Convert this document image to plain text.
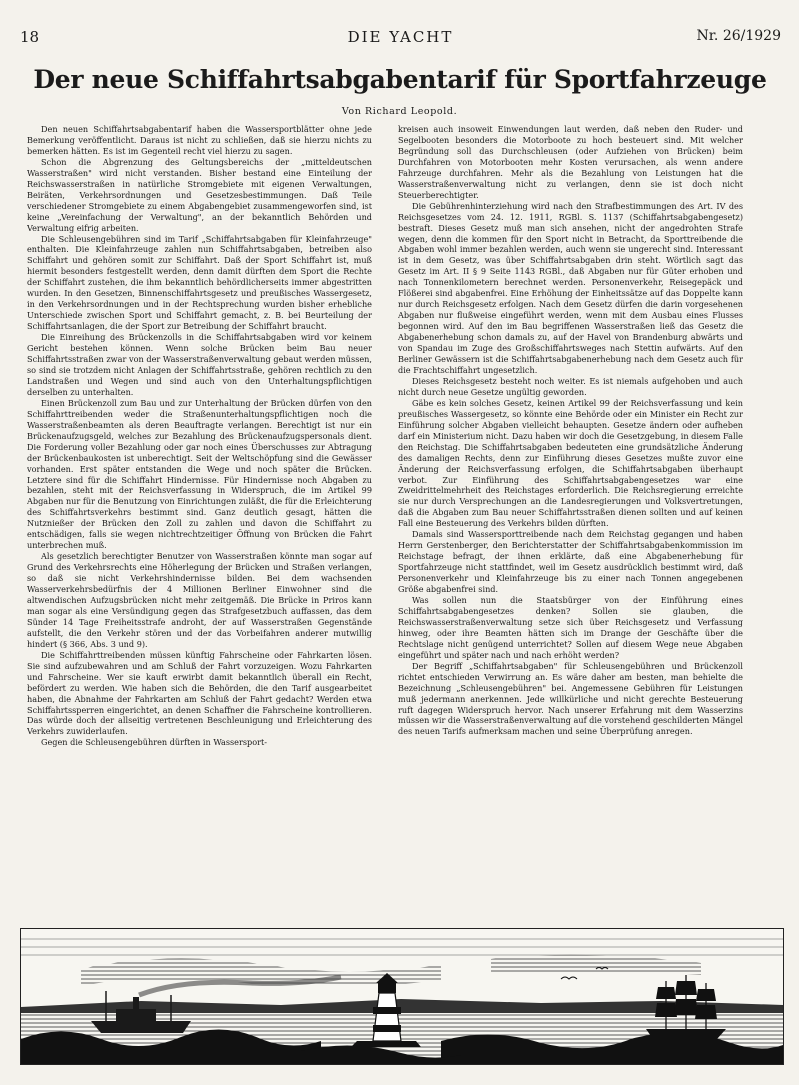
18	DIE YACHT	Nr. 26/1929
Der neue Schiffahrtsabgabentarif für Sportfahrzeuge
Von Richard Leopold.

Den neuen Schiffahrtsabgabentarif haben die Wassersportblätter ohne jede Bemerkung veröffentlicht. Daraus ist nicht zu schließen, daß sie hierzu nichts zu bemerken hätten. Es ist im Gegenteil recht viel hierzu zu sagen.

Schon die Abgrenzung des Geltungsbereichs der „mitteldeutschen Wasserstraßen" wird nicht verstanden. Bisher bestand eine Einteilung der Reichswasserstraßen in natürliche Stromgebiete mit eigenen Verwaltungen, Beiräten, Verkehrsordnungen und Gesetzesbestimmungen. Daß Teile verschiedener Stromgebiete zu einem Abgabengebiet zusammengeworfen sind, ist keine „Vereinfachung der Verwaltung", an der bekanntlich Behörden und Verwaltung eifrig arbeiten.

Die Schleusengebühren sind im Tarif „Schiffahrtsabgaben für Kleinfahrzeuge" enthalten. Die Kleinfahrzeuge zahlen nun Schiffahrtsabgaben, betreiben also Schiffahrt und gehören somit zur Schiffahrt. Daß der Sport Schiffahrt ist, muß hiermit besonders festgestellt werden, denn damit dürften dem Sport die Rechte der Schiffahrt zustehen, die ihm bekanntlich behördlicherseits immer abgestritten wurden. In den Gesetzen, Binnenschiffahrtsgesetz und preußisches Wassergesetz, in den Verkehrsordnungen und in der Rechtsprechung wurden bisher erhebliche Unterschiede zwischen Sport und Schiffahrt gemacht, z. B. bei Beurteilung der Schiffahrtsanlagen, die der Sport zur Betreibung der Schiffahrt braucht.

Die Einreihung des Brückenzolls in die Schiffahrtsabgaben wird vor keinem Gericht bestehen können. Wenn solche Brücken beim Bau neuer Schiffahrtsstraßen zwar von der Wasserstraßenverwaltung gebaut werden müssen, so sind sie trotzdem nicht Anlagen der Schiffahrtsstraße, gehören rechtlich zu den Landstraßen und Wegen und sind auch von den Unterhaltungspflichtigen derselben zu unterhalten.

Einen Brückenzoll zum Bau und zur Unterhaltung der Brücken dürfen von den Schiffahrttreibenden weder die Straßenunterhaltungspflichtigen noch die Wasserstraßenbeamten als deren Beauftragte verlangen. Berechtigt ist nur ein Brückenaufzugsgeld, welches zur Bezahlung des Brückenaufzugspersonals dient. Die Forderung voller Bezahlung oder gar noch eines Überschusses zur Abtragung der Brückenbaukosten ist unberechtigt. Seit der Weltschöpfung sind die Gewässer vorhanden. Erst später entstanden die Wege und noch später die Brücken. Letztere sind für die Schiffahrt Hindernisse. Für Hindernisse noch Abgaben zu bezahlen, steht mit der Reichsverfassung in Widerspruch, die im Artikel 99 Abgaben nur für die Benutzung von Einrichtungen zuläßt, die für die Erleichterung des Schiffahrtsverkehrs bestimmt sind. Ganz deutlich gesagt, hätten die Nutznießer der Brücken den Zoll zu zahlen und davon die Schiffahrt zu entschädigen, falls sie wegen nichtrechtzeitiger Öffnung von Brücken die Fahrt unterbrechen muß.

Als gesetzlich berechtigter Benutzer von Wasserstraßen könnte man sogar auf Grund des Verkehrsrechts eine Höherlegung der Brücken und Straßen verlangen, so daß sie nicht Verkehrshindernisse bilden. Bei dem wachsenden Wasserverkehrsbedürfnis der 4 Millionen Berliner Einwohner sind die altwendischen Aufzugsbrücken nicht mehr zeitgemäß. Die Brücke in Priros kann man sogar als eine Versündigung gegen das Strafgesetzbuch auffassen, das dem Sünder 14 Tage Freiheitsstrafe androht, der auf Wasserstraßen Gegenstände aufstellt, die den Verkehr stören und der das Vorbeifahren anderer mutwillig hindert (§ 366, Abs. 3 und 9).

Die Schiffahrttreibenden müssen künftig Fahrscheine oder Fahrkarten lösen. Sie sind aufzubewahren und am Schluß der Fahrt vorzuzeigen. Wozu Fahrkarten und Fahrscheine. Wer sie kauft erwirbt damit bekanntlich überall ein Recht, befördert zu werden. Wie haben sich die Behörden, die den Tarif ausgearbeitet haben, die Abnahme der Fahrkarten am Schluß der Fahrt gedacht? Werden etwa Schiffahrtssperren eingerichtet, an denen Schaffner die Fahrscheine kontrollieren. Das würde doch der allseitig vertretenen Beschleunigung und Erleichterung des Verkehrs zuwiderlaufen.

Gegen die Schleusengebühren dürften in Wassersport-

kreisen auch insoweit Einwendungen laut werden, daß neben den Ruder- und Segelbooten besonders die Motorboote zu hoch besteuert sind. Mit welcher Begründung soll das Durchschleusen (oder Aufziehen von Brücken) beim Durchfahren von Motorbooten mehr Kosten verursachen, als wenn andere Fahrzeuge durchfahren. Mehr als die Bezahlung von Leistungen hat die Wasserstraßenverwaltung nicht zu verlangen, denn sie ist doch nicht Steuerberechtigter.

Die Gebührenhinterziehung wird nach den Strafbestimmungen des Art. IV des Reichsgesetzes vom 24. 12. 1911, RGBl. S. 1137 (Schiffahrtsabgabengesetz) bestraft. Dieses Gesetz muß man sich ansehen, nicht der angedrohten Strafe wegen, denn die kommen für den Sport nicht in Betracht, da Sporttreibende die Abgaben wohl immer bezahlen werden, auch wenn sie ungerecht sind. Interessant ist in dem Gesetz, was über Schiffahrtsabgaben drin steht. Wörtlich sagt das Gesetz im Art. II § 9 Seite 1143 RGBl., daß Abgaben nur für Güter erhoben und nach Tonnenkilometern berechnet werden. Personenverkehr, Reisegepäck und Flößerei sind abgabenfrei. Eine Erhöhung der Einheitssätze auf das Doppelte kann nur durch Reichsgesetz erfolgen. Nach dem Gesetz dürfen die darin vorgesehenen Abgaben nur flußweise eingeführt werden, wenn mit dem Ausbau eines Flusses begonnen wird. Auf den im Bau begriffenen Wasserstraßen ließ das Gesetz die Abgabenerhebung schon damals zu, auf der Havel von Brandenburg abwärts und von Spandau im Zuge des Großschiffahrtsweges nach Stettin aufwärts. Auf den Berliner Gewässern ist die Schiffahrtsabgabenerhebung nach dem Gesetz auch für die Frachtschiffahrt ungesetzlich.

Dieses Reichsgesetz besteht noch weiter. Es ist niemals aufgehoben und auch nicht durch neue Gesetze ungültig geworden.

Gäbe es kein solches Gesetz, keinen Artikel 99 der Reichsverfassung und kein preußisches Wassergesetz, so könnte eine Behörde oder ein Minister ein Recht zur Einführung solcher Abgaben vielleicht behaupten. Gesetze ändern oder aufheben darf ein Ministerium nicht. Dazu haben wir doch die Gesetzgebung, in diesem Falle den Reichstag. Die Schiffahrtsabgaben bedeuteten eine grundsätzliche Änderung des damaligen Rechts, denn zur Einführung dieses Gesetzes mußte zuvor eine Änderung der Reichsverfassung erfolgen, die Schiffahrtsabgaben überhaupt verbot. Zur Einführung des Schiffahrtsabgabengesetzes war eine Zweidrittelmehrheit des Reichstages erforderlich. Die Reichsregierung erreichte sie nur durch Versprechungen an die Landesregierungen und Volksvertretungen, daß die Abgaben zum Bau neuer Schiffahrtsstraßen dienen sollten und auf keinen Fall eine Besteuerung des Verkehrs bilden dürften.

Damals sind Wassersporttreibende nach dem Reichstag gegangen und haben Herrn Gerstenberger, den Berichterstatter der Schiffahrtsabgabenkommission im Reichstage befragt, der ihnen erklärte, daß eine Abgabenerhebung für Sportfahrzeuge nicht stattfindet, weil im Gesetz ausdrücklich bestimmt wird, daß Personenverkehr und Kleinfahrzeuge bis zu einer nach Tonnen angegebenen Größe abgabenfrei sind.

Was sollen nun die Staatsbürger von der Einführung eines Schiffahrtsabgabengesetzes denken? Sollen sie glauben, die Reichswasserstraßenverwaltung setze sich über Reichsgesetz und Verfassung hinweg, oder ihre Beamten hätten sich im Drange der Geschäfte über die Rechtslage nicht genügend unterrichtet? Sollen auf diesem Wege neue Abgaben eingeführt und später nach und nach erhöht werden?

Der Begriff „Schiffahrtsabgaben" für Schleusengebühren und Brückenzoll richtet entschieden Verwirrung an. Es wäre daher am besten, man behielte die Bezeichnung „Schleusengebühren" bei. Angemessene Gebühren für Leistungen muß jedermann anerkennen. Jede willkürliche und nicht gerechte Besteuerung ruft dagegen Widerspruch hervor. Nach unserer Erfahrung mit dem Wasserzins müssen wir die Wasserstraßenverwaltung auf die vorstehend geschilderten Mängel des neuen Tarifs aufmerksam machen und seine Überprüfung anregen.
